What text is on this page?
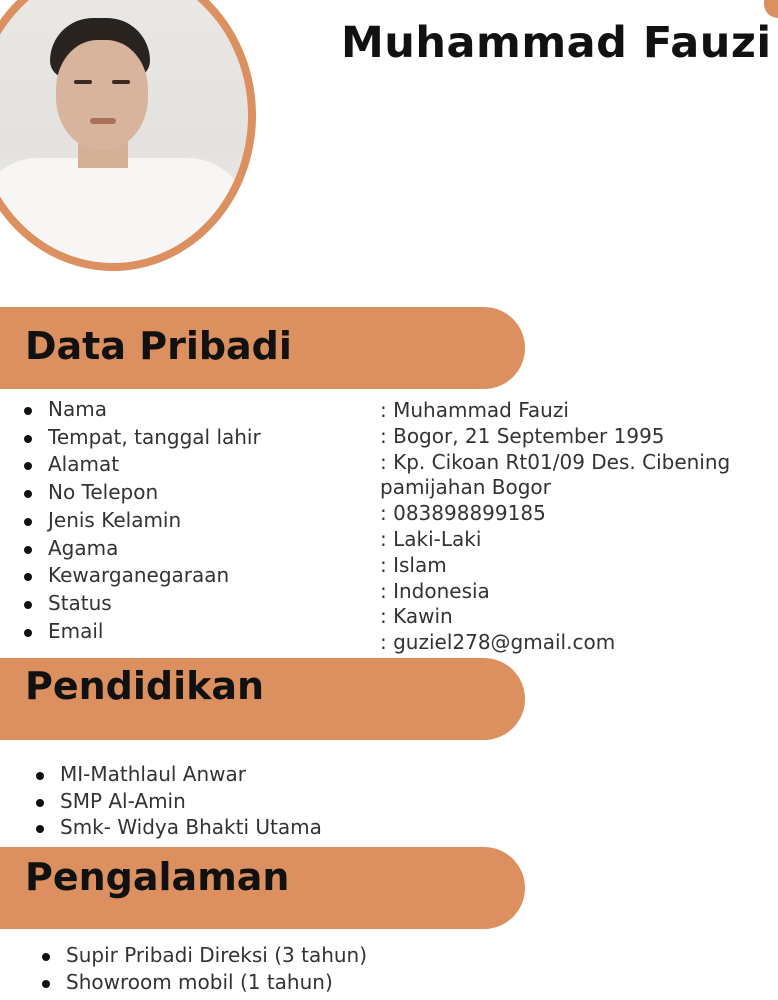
Muhammad Fauzi
Data Pribadi
Nama
Tempat, tanggal lahir
Alamat
No Telepon
Jenis Kelamin
Agama
Kewarganegaraan
Status
Email
: Muhammad Fauzi
: Bogor, 21 September 1995
: Kp. Cikoan Rt01/09 Des. Cibening
pamijahan Bogor
: 083898899185
: Laki-Laki
: Islam
: Indonesia
: Kawin
: guziel278@gmail.com
Pendidikan
MI-Mathlaul Anwar
SMP Al-Amin
Smk- Widya Bhakti Utama
Pengalaman
Supir Pribadi Direksi (3 tahun)
Showroom mobil (1 tahun)
